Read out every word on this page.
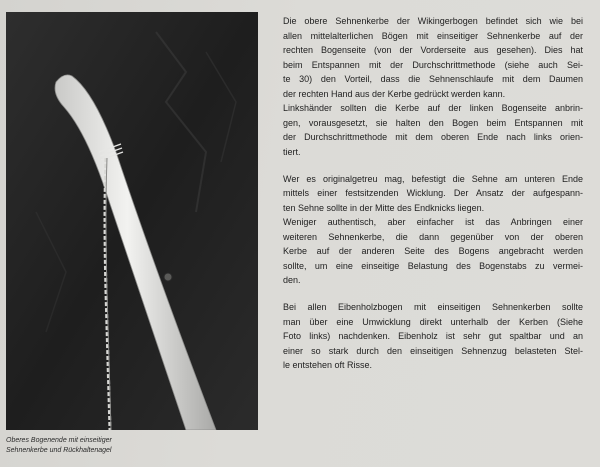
Oberes Bogenende mit einseitiger
Sehnenkerbe und Rückhaltenagel

Die obere Sehnenkerbe der Wikingerbogen befindet sich wie bei
allen mittelalterlichen Bögen mit einseitiger Sehnenkerbe auf der
rechten Bogenseite (von der Vorderseite aus gesehen). Dies hat
beim Entspannen mit der Durchschrittmethode (siehe auch Sei-
te 30) den Vorteil, dass die Sehnenschlaufe mit dem Daumen
der rechten Hand aus der Kerbe gedrückt werden kann.
Linkshänder sollten die Kerbe auf der linken Bogenseite anbrin-
gen, vorausgesetzt, sie halten den Bogen beim Entspannen mit
der Durchschrittmethode mit dem oberen Ende nach links orien-
tiert.

Wer es originalgetreu mag, befestigt die Sehne am unteren Ende
mittels einer festsitzenden Wicklung. Der Ansatz der aufgespann-
ten Sehne sollte in der Mitte des Endknicks liegen.
Weniger authentisch, aber einfacher ist das Anbringen einer
weiteren Sehnenkerbe, die dann gegenüber von der oberen
Kerbe auf der anderen Seite des Bogens angebracht werden
sollte, um eine einseitige Belastung des Bogenstabs zu vermei-
den.

Bei allen Eibenholzbogen mit einseitigen Sehnenkerben sollte
man über eine Umwicklung direkt unterhalb der Kerben (Siehe
Foto links) nachdenken. Eibenholz ist sehr gut spaltbar und an
einer so stark durch den einseitigen Sehnenzug belasteten Stel-
le entstehen oft Risse.
